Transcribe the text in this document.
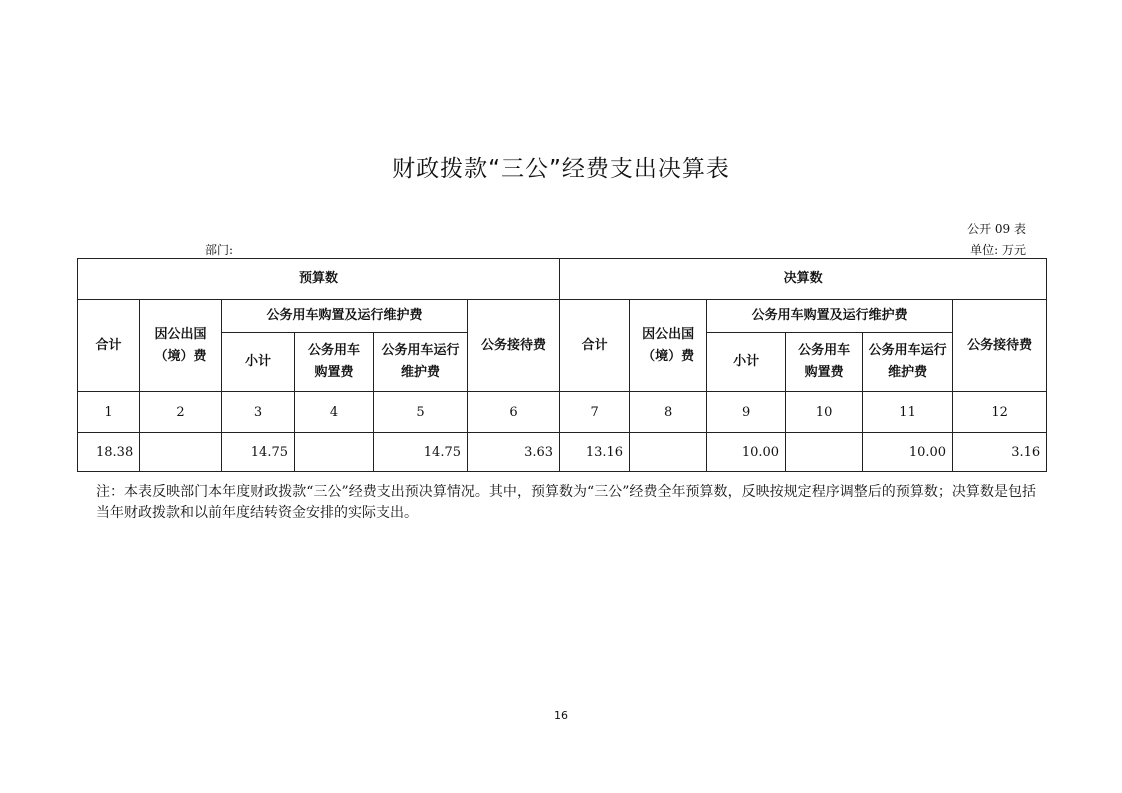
财政拨款“三公”经费支出决算表
公开 09 表
部门:	单位: 万元
预算数						决算数					
合计	因公出国（境）费	公务用车购置及运行维护费			公务接待费	合计	因公出国（境）费	公务用车购置及运行维护费			公务接待费
		小计	公务用车购置费	公务用车运行维护费				小计	公务用车购置费	公务用车运行维护费	
1	2	3	4	5	6	7	8	9	10	11	12
18.38		14.75		14.75	3.63	13.16		10.00		10.00	3.16
注：本表反映部门本年度财政拨款“三公”经费支出预决算情况。其中，预算数为“三公”经费全年预算数，反映按规定程序调整后的预算数；决算数是包括当年财政拨款和以前年度结转资金安排的实际支出。
16
